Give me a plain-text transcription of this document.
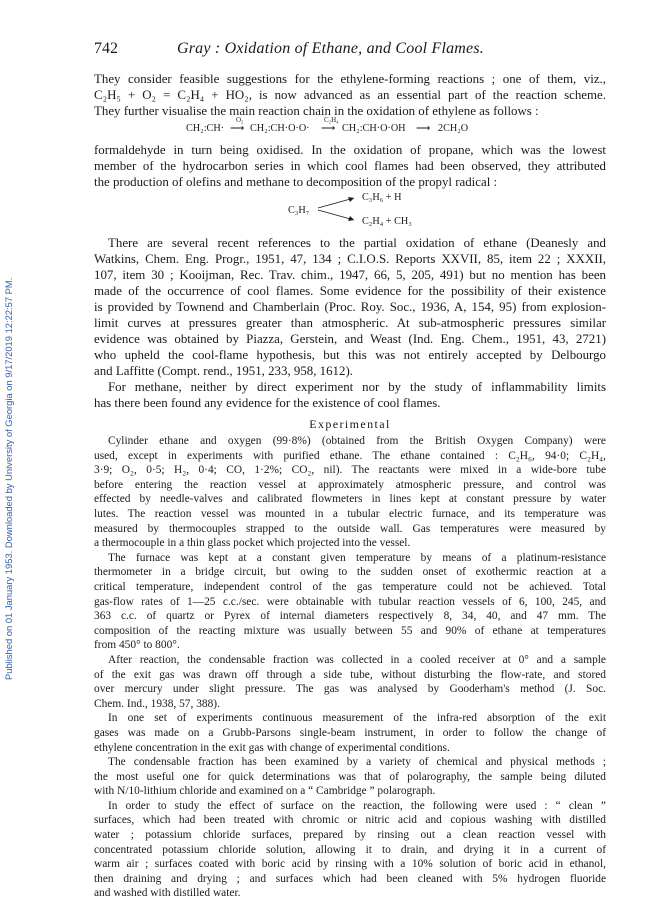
Published on 01 January 1953. Downloaded by University of Georgia on 9/17/2019 12:22:57 PM.
742	Gray : Oxidation of Ethane, and Cool Flames.
They consider feasible suggestions for the ethylene-forming reactions ; one of them, viz.,
C₂H₅ + O₂ = C₂H₄ + HO₂, is now advanced as an essential part of the reaction scheme.
They further visualise the main reaction chain in the oxidation of ethylene as follows :
CH₂:CH· ⟶
O₂
CH₂:CH·O·O· ⟶
C₂H₄
CH₂:CH·O·OH ⟶ 2CH₂O
formaldehyde in turn being oxidised. In the oxidation of propane, which was the lowest
member of the hydrocarbon series in which cool flames had been observed, they attributed
the production of olefins and methane to decomposition of the propyl radical :
C₃H₇
C₃H₆ + H
C₂H₄ + CH₃
There are several recent references to the partial oxidation of ethane (Deanesly and
Watkins, Chem. Eng. Progr., 1951, 47, 134 ; C.I.O.S. Reports XXVII, 85, item 22 ; XXXII,
107, item 30 ; Kooijman, Rec. Trav. chim., 1947, 66, 5, 205, 491) but no mention has been
made of the occurrence of cool flames. Some evidence for the possibility of their existence
is provided by Townend and Chamberlain (Proc. Roy. Soc., 1936, A, 154, 95) from explosion-
limit curves at pressures greater than atmospheric. At sub-atmospheric pressures similar
evidence was obtained by Piazza, Gerstein, and Weast (Ind. Eng. Chem., 1951, 43, 2721)
who upheld the cool-flame hypothesis, but this was not entirely accepted by Delbourgo
and Laffitte (Compt. rend., 1951, 233, 958, 1612).
For methane, neither by direct experiment nor by the study of inflammability limits
has there been found any evidence for the existence of cool flames.
Experimental
Cylinder ethane and oxygen (99·8%) (obtained from the British Oxygen Company) were
used, except in experiments with purified ethane. The ethane contained : C₂H₆, 94·0; C₂H₄,
3·9; O₂, 0·5; H₂, 0·4; CO, 1·2%; CO₂, nil). The reactants were mixed in a wide-bore tube
before entering the reaction vessel at approximately atmospheric pressure, and control was
effected by needle-valves and calibrated flowmeters in lines kept at constant pressure by water
lutes. The reaction vessel was mounted in a tubular electric furnace, and its temperature was
measured by thermocouples strapped to the outside wall. Gas temperatures were measured by
a thermocouple in a thin glass pocket which projected into the vessel.
The furnace was kept at a constant given temperature by means of a platinum-resistance
thermometer in a bridge circuit, but owing to the sudden onset of exothermic reaction at a
critical temperature, independent control of the gas temperature could not be achieved. Total
gas-flow rates of 1—25 c.c./sec. were obtainable with tubular reaction vessels of 6, 100, 245, and
363 c.c. of quartz or Pyrex of internal diameters respectively 8, 34, 40, and 47 mm. The
composition of the reacting mixture was usually between 55 and 90% of ethane at temperatures
from 450° to 800°.
After reaction, the condensable fraction was collected in a cooled receiver at 0° and a sample
of the exit gas was drawn off through a side tube, without disturbing the flow-rate, and stored
over mercury under slight pressure. The gas was analysed by Gooderham's method (J. Soc.
Chem. Ind., 1938, 57, 388).
In one set of experiments continuous measurement of the infra-red absorption of the exit
gases was made on a Grubb-Parsons single-beam instrument, in order to follow the change of
ethylene concentration in the exit gas with change of experimental conditions.
The condensable fraction has been examined by a variety of chemical and physical methods ;
the most useful one for quick determinations was that of polarography, the sample being diluted
with N/10-lithium chloride and examined on a “ Cambridge ” polarograph.
In order to study the effect of surface on the reaction, the following were used : “ clean ”
surfaces, which had been treated with chromic or nitric acid and copious washing with distilled
water ; potassium chloride surfaces, prepared by rinsing out a clean reaction vessel with
concentrated potassium chloride solution, allowing it to drain, and drying it in a current of
warm air ; surfaces coated with boric acid by rinsing with a 10% solution of boric acid in ethanol,
then draining and drying ; and surfaces which had been cleaned with 5% hydrogen fluoride
and washed with distilled water.
